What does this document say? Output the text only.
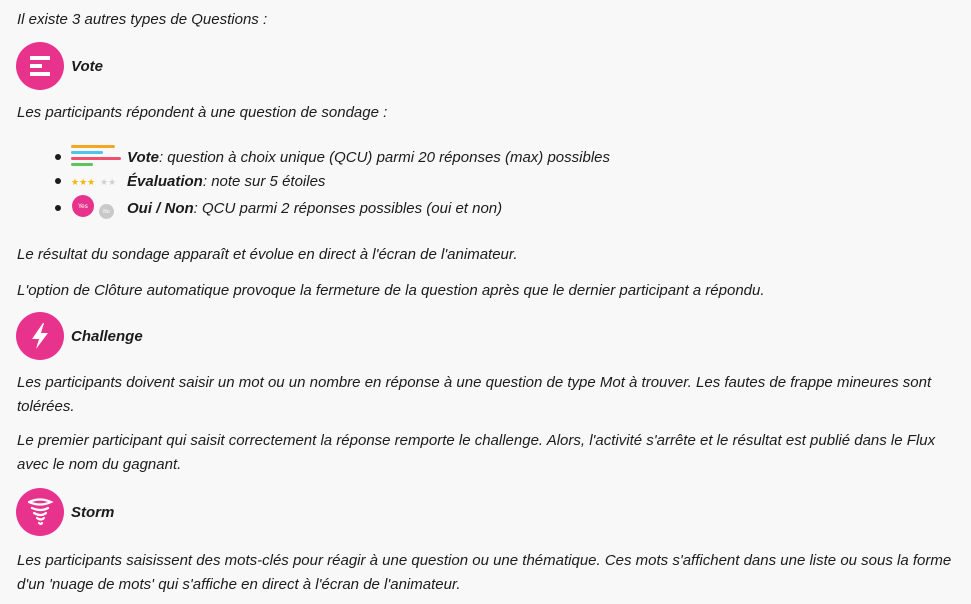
Il existe 3 autres types de Questions :
Vote
Les participants répondent à une question de sondage :
Vote : question à choix unique (QCU) parmi 20 réponses (max) possibles
★★★ ★★ Évaluation : note sur 5 étoiles
Yes
No Oui / Non : QCU parmi 2 réponses possibles (oui et non)
Le résultat du sondage apparaît et évolue en direct à l'écran de l'animateur.
L'option de Clôture automatique provoque la fermeture de la question après que le dernier participant a répondu.
Challenge
Les participants doivent saisir un mot ou un nombre en réponse à une question de type Mot à trouver. Les fautes de frappe mineures sont tolérées.
Le premier participant qui saisit correctement la réponse remporte le challenge. Alors, l'activité s'arrête et le résultat est publié dans le Flux avec le nom du gagnant.
Storm
Les participants saisissent des mots-clés pour réagir à une question ou une thématique. Ces mots s'affichent dans une liste ou sous la forme d'un 'nuage de mots' qui s'affiche en direct à l'écran de l'animateur.
